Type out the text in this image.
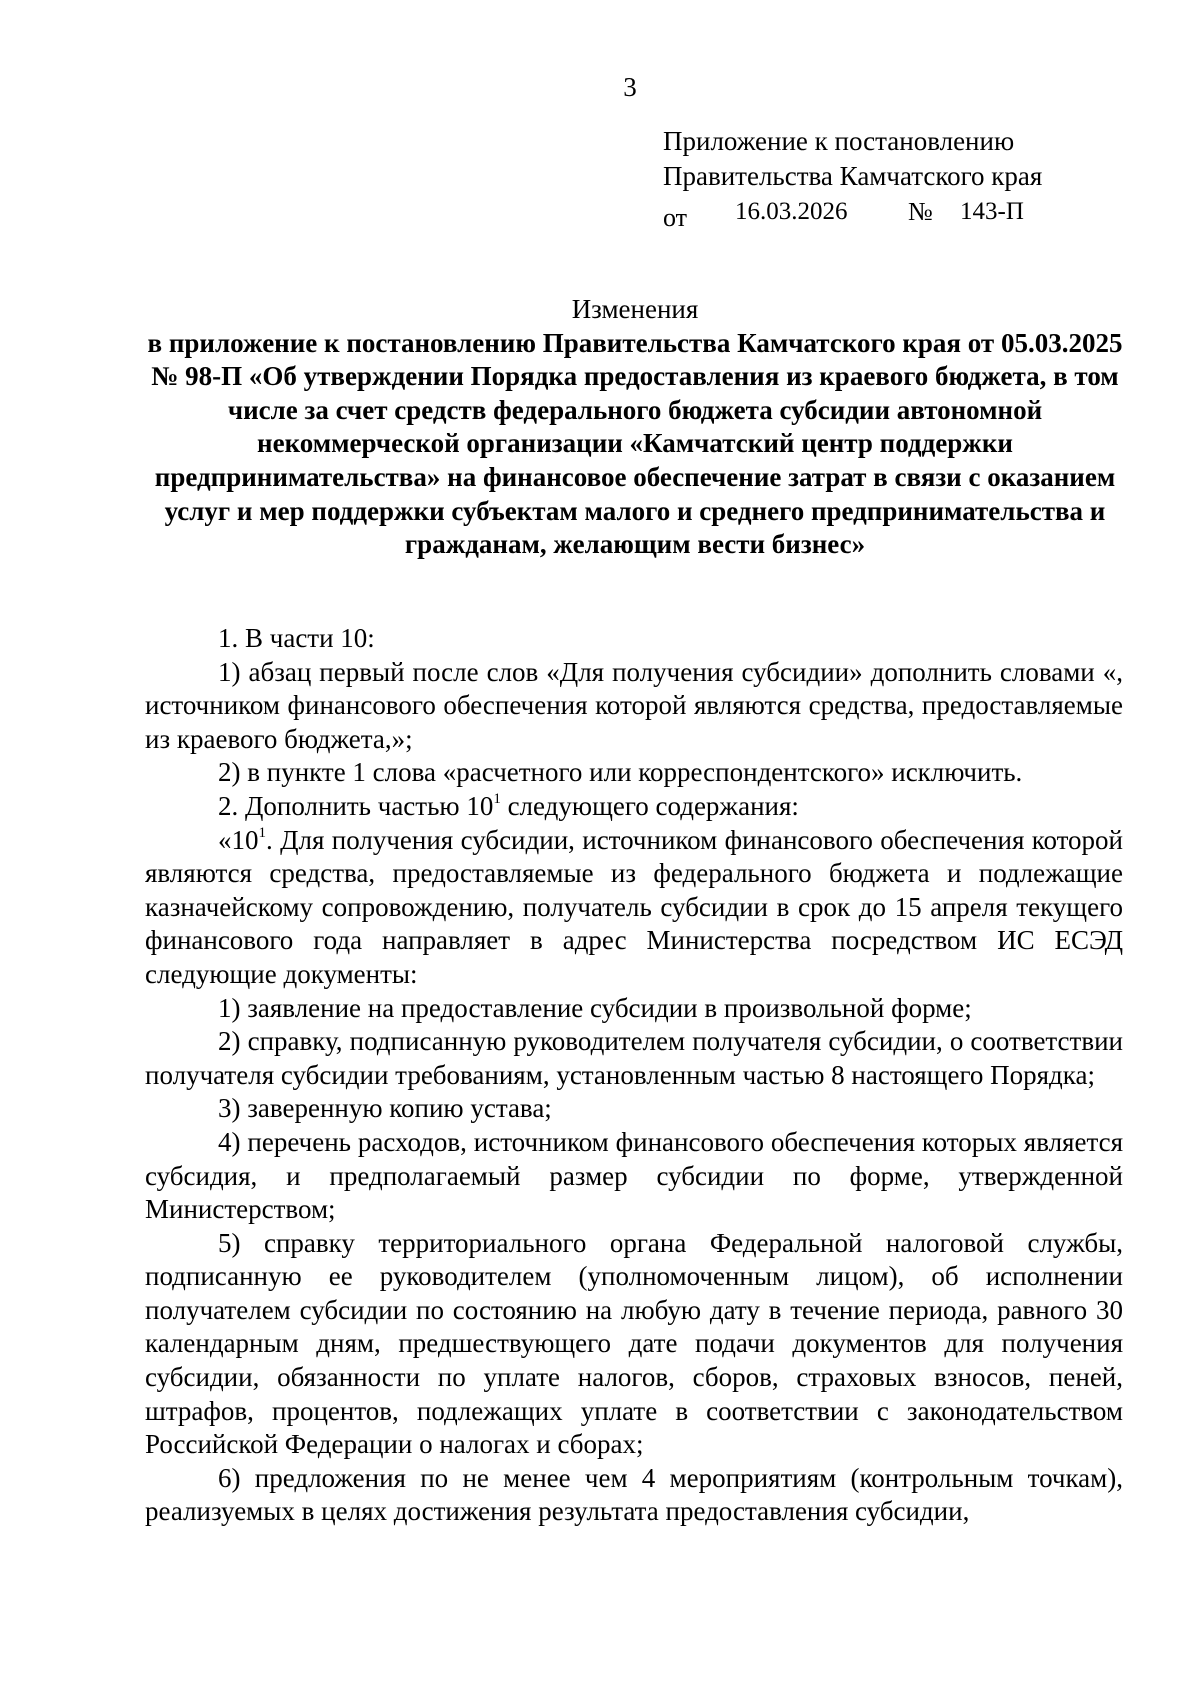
3
Приложение к постановлению
Правительства Камчатского края
от 16.03.2026 № 143-П
Изменения
в приложение к постановлению Правительства Камчатского края от 05.03.2025 № 98-П «Об утверждении Порядка предоставления из краевого бюджета, в том числе за счет средств федерального бюджета субсидии автономной некоммерческой организации «Камчатский центр поддержки предпринимательства» на финансовое обеспечение затрат в связи с оказанием услуг и мер поддержки субъектам малого и среднего предпринимательства и гражданам, желающим вести бизнес»

1. В части 10:

1) абзац первый после слов «Для получения субсидии» дополнить словами «, источником финансового обеспечения которой являются средства, предоставляемые из краевого бюджета,»;

2) в пункте 1 слова «расчетного или корреспондентского» исключить.

2. Дополнить частью $10^1$ следующего содержания:

«$10^1$. Для получения субсидии, источником финансового обеспечения которой являются средства, предоставляемые из федерального бюджета и подлежащие казначейскому сопровождению, получатель субсидии в срок до 15 апреля текущего финансового года направляет в адрес Министерства посредством ИС ЕСЭД следующие документы:

1) заявление на предоставление субсидии в произвольной форме;

2) справку, подписанную руководителем получателя субсидии, о соответствии получателя субсидии требованиям, установленным частью 8 настоящего Порядка;

3) заверенную копию устава;

4) перечень расходов, источником финансового обеспечения которых является субсидия, и предполагаемый размер субсидии по форме, утвержденной Министерством;

5) справку территориального органа Федеральной налоговой службы, подписанную ее руководителем (уполномоченным лицом), об исполнении получателем субсидии по состоянию на любую дату в течение периода, равного 30 календарным дням, предшествующего дате подачи документов для получения субсидии, обязанности по уплате налогов, сборов, страховых взносов, пеней, штрафов, процентов, подлежащих уплате в соответствии с законодательством Российской Федерации о налогах и сборах;

6) предложения по не менее чем 4 мероприятиям (контрольным точкам), реализуемых в целях достижения результата предоставления субсидии,
